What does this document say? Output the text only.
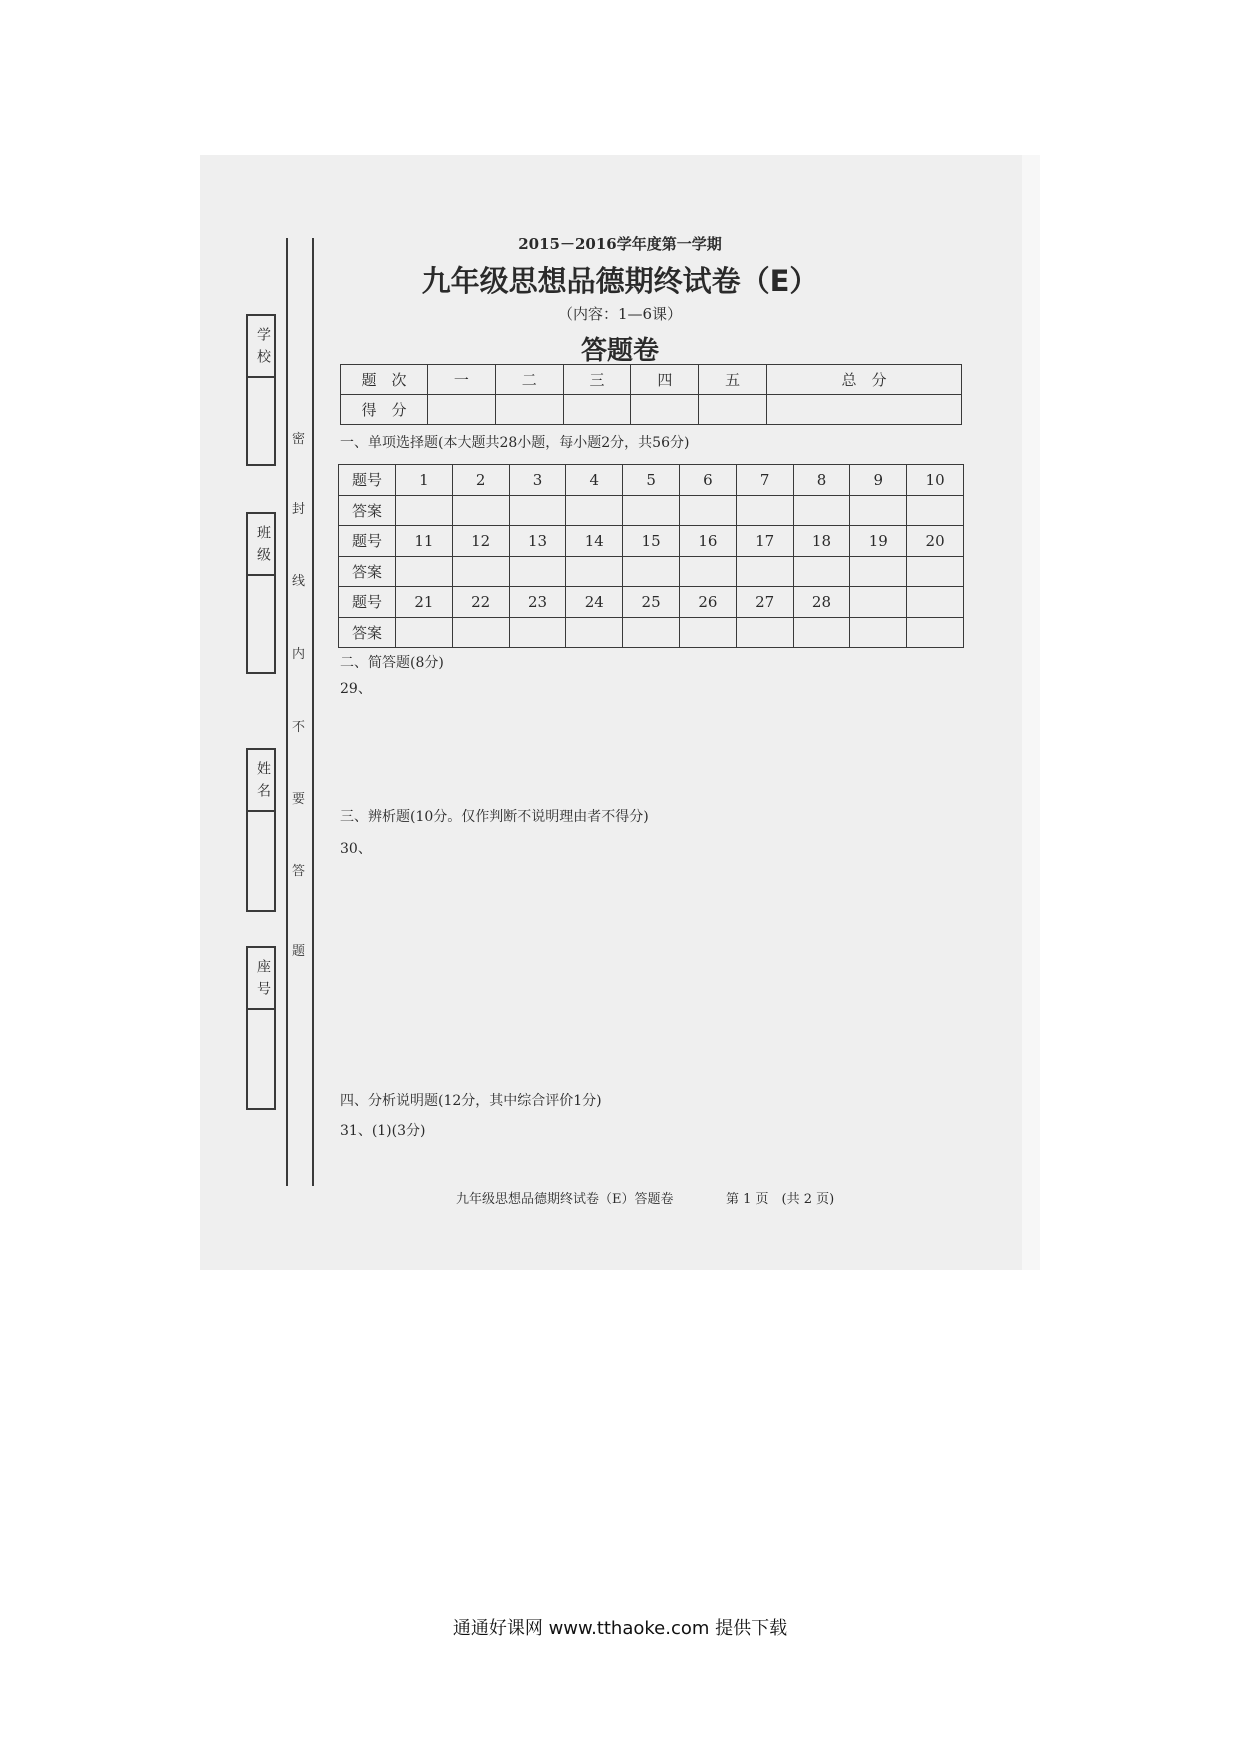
学校
班级
姓名
座号
密
封
线
内
不
要
答
题
2015－2016学年度第一学期
九年级思想品德期终试卷（E）
（内容：1—6课）
答题卷
题　次	一	二	三	四	五	总　分
得　分						
一、单项选择题(本大题共28小题，每小题2分，共56分)
题号	1	2	3	4	5	6	7	8	9	10
答案										
题号	11	12	13	14	15	16	17	18	19	20
答案										
题号	21	22	23	24	25	26	27	28		
答案										
二、简答题(8分)
29、
三、辨析题(10分。仅作判断不说明理由者不得分)
30、
四、分析说明题(12分，其中综合评价1分)
31、(1)(3分)
九年级思想品德期终试卷（E）答题卷	第 1 页　(共 2 页)
通通好课网 www.tthaoke.com 提供下载
